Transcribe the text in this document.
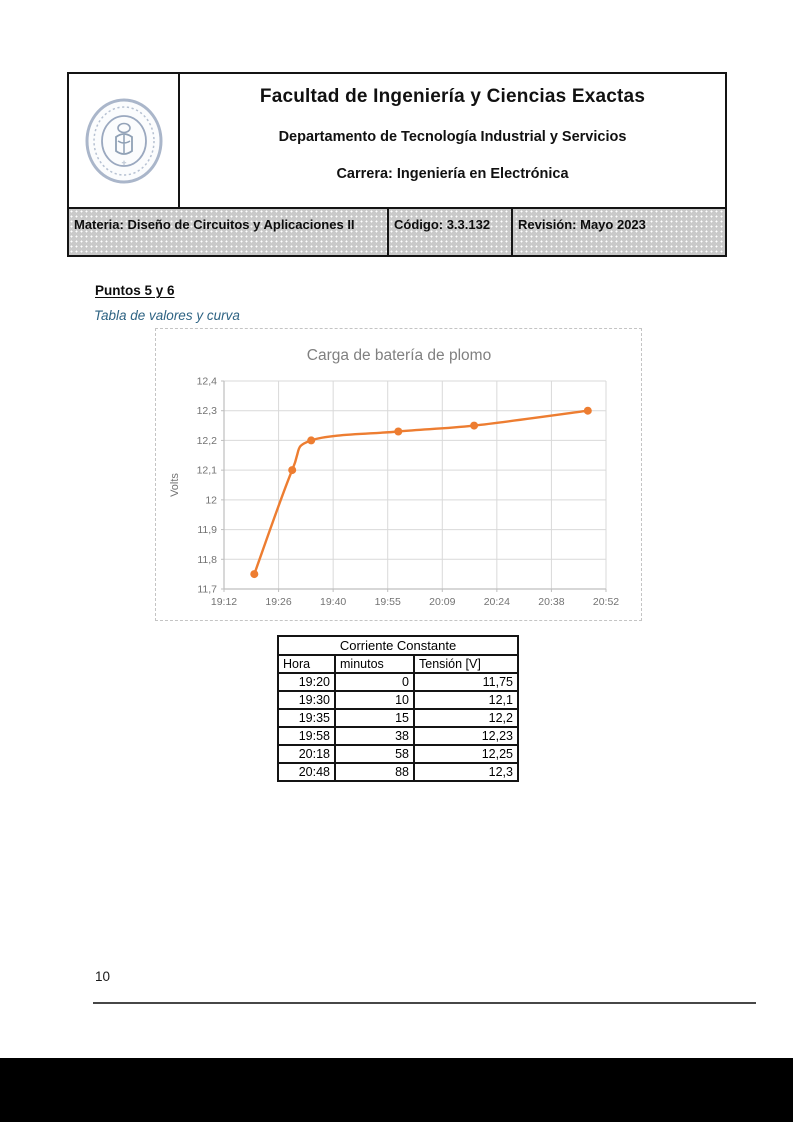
✛
Facultad de Ingeniería y Ciencias Exactas
Departamento de Tecnología Industrial y Servicios
Carrera: Ingeniería en Electrónica
Materia: Diseño de Circuitos y Aplicaciones II	Código: 3.3.132	Revisión: Mayo 2023
Puntos 5 y 6
Tabla de valores y curva
19:12	19:26	19:40	19:55	20:09	20:24	20:38	20:52
12,4
12,3
12,2
12,1
12
11,9
11,8
11,7
Carga de batería de plomo
Volts
Corriente Constante		
Hora	minutos	Tensión [V]
19:20	0	11,75
19:30	10	12,1
19:35	15	12,2
19:58	38	12,23
20:18	58	12,25
20:48	88	12,3
10
